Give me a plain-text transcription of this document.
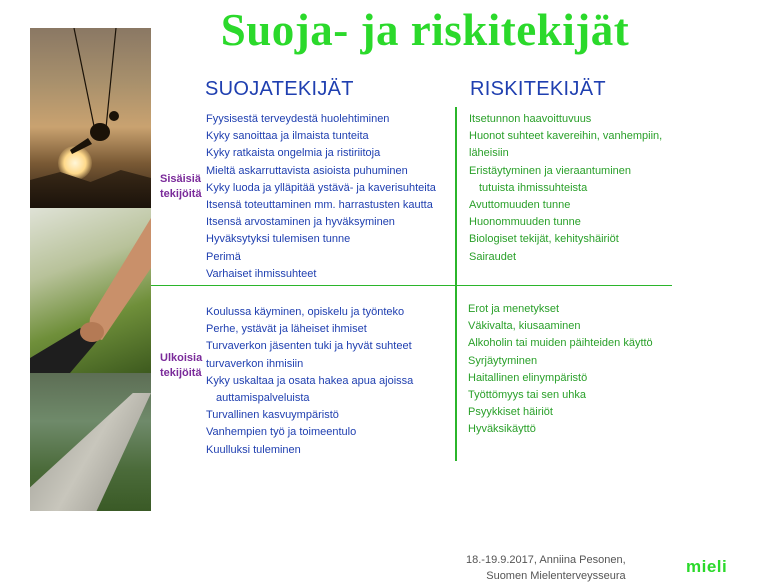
Suoja- ja riskitekijät
SUOJATEKIJÄT	RISKITEKIJÄT
Sisäisiä tekijöitä
Ulkoisia tekijöitä
Fyysisestä terveydestä huolehtiminen
Kyky sanoittaa ja ilmaista tunteita
Kyky ratkaista ongelmia ja ristiriitoja
Mieltä askarruttavista asioista puhuminen
Kyky luoda ja ylläpitää ystävä- ja kaverisuhteita
Itsensä toteuttaminen mm. harrastusten kautta
Itsensä arvostaminen ja hyväksyminen
Hyväksytyksi tulemisen tunne
Perimä
Varhaiset ihmissuhteet
Itsetunnon haavoittuvuus
Huonot suhteet kavereihin, vanhempiin,
läheisiin
Eristäytyminen ja vieraantuminen
tutuista ihmissuhteista
Avuttomuuden tunne
Huonommuuden tunne
Biologiset tekijät, kehityshäiriöt
Sairaudet
Koulussa käyminen, opiskelu ja työnteko
Perhe, ystävät ja läheiset ihmiset
Turvaverkon jäsenten tuki ja hyvät suhteet
turvaverkon ihmisiin
Kyky uskaltaa ja osata hakea apua ajoissa
auttamispalveluista
Turvallinen kasvuympäristö
Vanhempien työ ja toimeentulo
Kuulluksi tuleminen
Erot ja menetykset
Väkivalta, kiusaaminen
Alkoholin tai muiden päihteiden käyttö
Syrjäytyminen
Haitallinen elinympäristö
Työttömyys tai sen uhka
Psyykkiset häiriöt
Hyväksikäyttö
18.-19.9.2017, Anniina Pesonen,
Suomen Mielenterveysseura	mieli
